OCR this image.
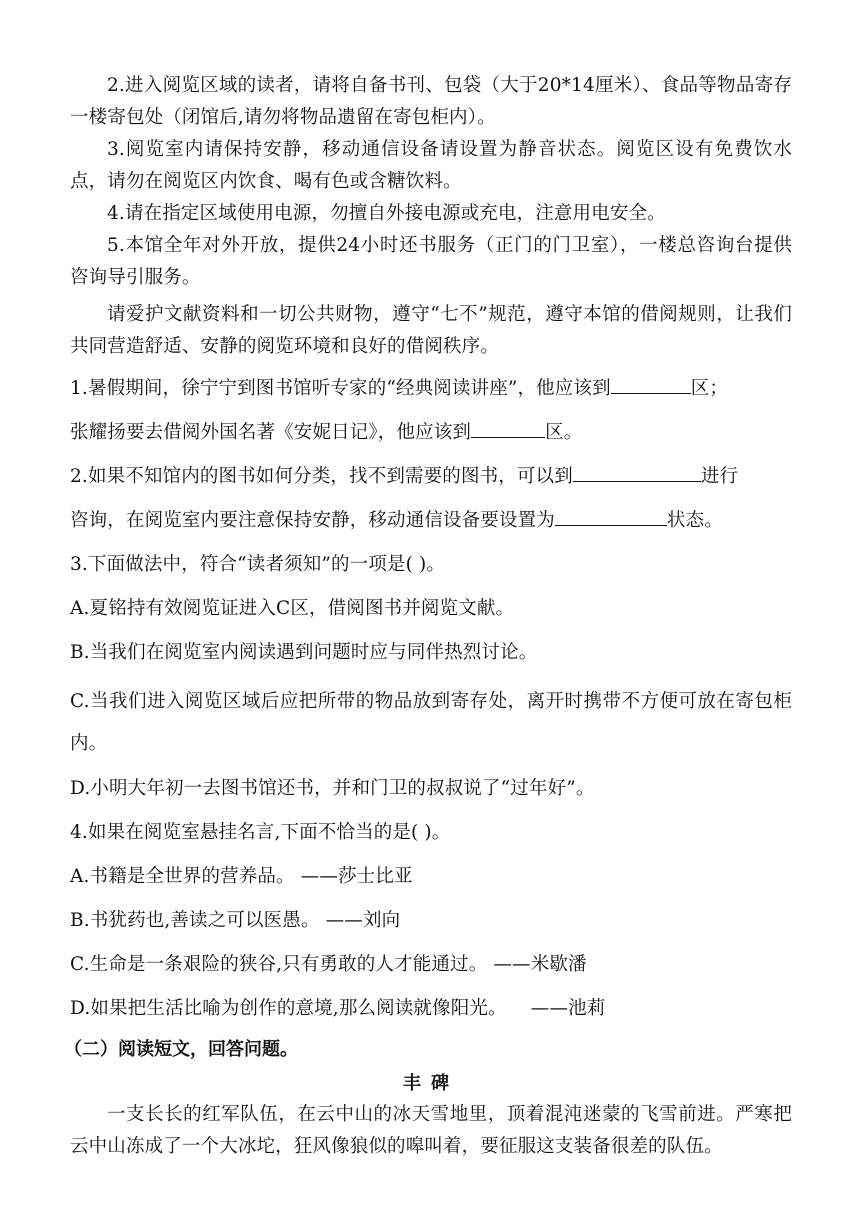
2.进入阅览区域的读者，请将自备书刊、包袋（大于20*14厘米）、食品等物品寄存一楼寄包处（闭馆后,请勿将物品遗留在寄包柜内）。
3.阅览室内请保持安静，移动通信设备请设置为静音状态。阅览区设有免费饮水点，请勿在阅览区内饮食、喝有色或含糖饮料。
4.请在指定区域使用电源，勿擅自外接电源或充电，注意用电安全。
5.本馆全年对外开放，提供24小时还书服务（正门的门卫室），一楼总咨询台提供咨询导引服务。
请爱护文献资料和一切公共财物，遵守“七不”规范，遵守本馆的借阅规则，让我们共同营造舒适、安静的阅览环境和良好的借阅秩序。
1.暑假期间，徐宁宁到图书馆听专家的“经典阅读讲座”，他应该到	区；
张耀扬要去借阅外国名著《安妮日记》，他应该到	区。
2.如果不知馆内的图书如何分类，找不到需要的图书，可以到	进行
咨询，在阅览室内要注意保持安静，移动通信设备要设置为	状态。
3.下面做法中，符合“读者须知”的一项是( )。
A.夏铭持有效阅览证进入C区，借阅图书并阅览文献。
B.当我们在阅览室内阅读遇到问题时应与同伴热烈讨论。
C.当我们进入阅览区域后应把所带的物品放到寄存处，离开时携带不方便可放在寄包柜内。
D.小明大年初一去图书馆还书，并和门卫的叔叔说了“过年好”。
4.如果在阅览室悬挂名言,下面不恰当的是( )。
A.书籍是全世界的营养品。 ——莎士比亚
B.书犹药也,善读之可以医愚。 ——刘向
C.生命是一条艰险的狭谷,只有勇敢的人才能通过。 ——米歇潘
D.如果把生活比喻为创作的意境,那么阅读就像阳光。    ——池莉
（二）阅读短文，回答问题。
丰碑
一支长长的红军队伍，在云中山的冰天雪地里，顶着混沌迷蒙的飞雪前进。严寒把云中山冻成了一个大冰坨，狂风像狼似的嗥叫着，要征服这支装备很差的队伍。
